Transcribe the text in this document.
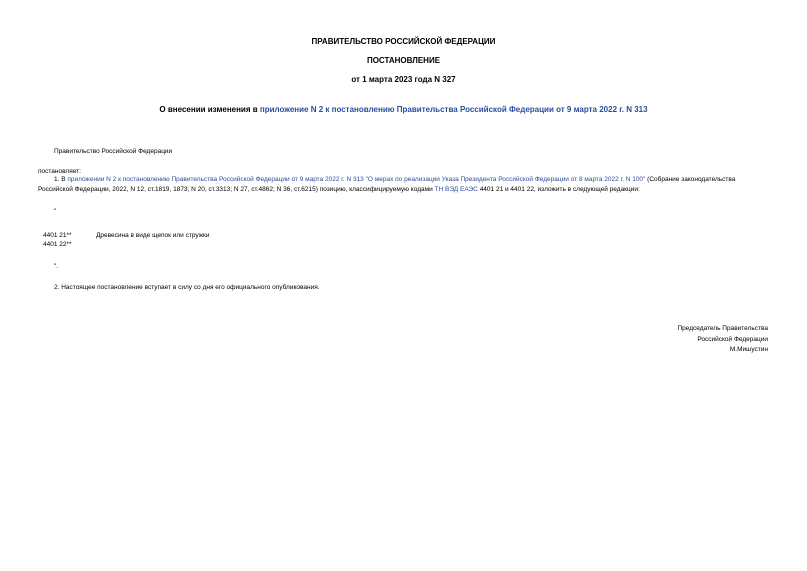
ПРАВИТЕЛЬСТВО РОССИЙСКОЙ ФЕДЕРАЦИИ
ПОСТАНОВЛЕНИЕ
от 1 марта 2023 года N 327
О внесении изменения в приложение N 2 к постановлению Правительства Российской Федерации от 9 марта 2022 г. N 313
Правительство Российской Федерации
постановляет:
1. В приложении N 2 к постановлению Правительства Российской Федерации от 9 марта 2022 г. N 313 "О мерах по реализации Указа Президента Российской Федерации от 8 марта 2022 г. N 100" (Собрание законодательства Российской Федерации, 2022, N 12, ст.1819, 1873; N 20, ст.3313; N 27, ст.4862; N 36, ст.6215) позицию, классифицируемую кодами ТН ВЭД ЕАЭС 4401 21 и 4401 22, изложить в следующей редакции:
"
4401 21**
4401 22**
Древесина в виде щепок или стружки
".
2. Настоящее постановление вступает в силу со дня его официального опубликования.
Председатель Правительства
Российской Федерации
М.Мишустин
